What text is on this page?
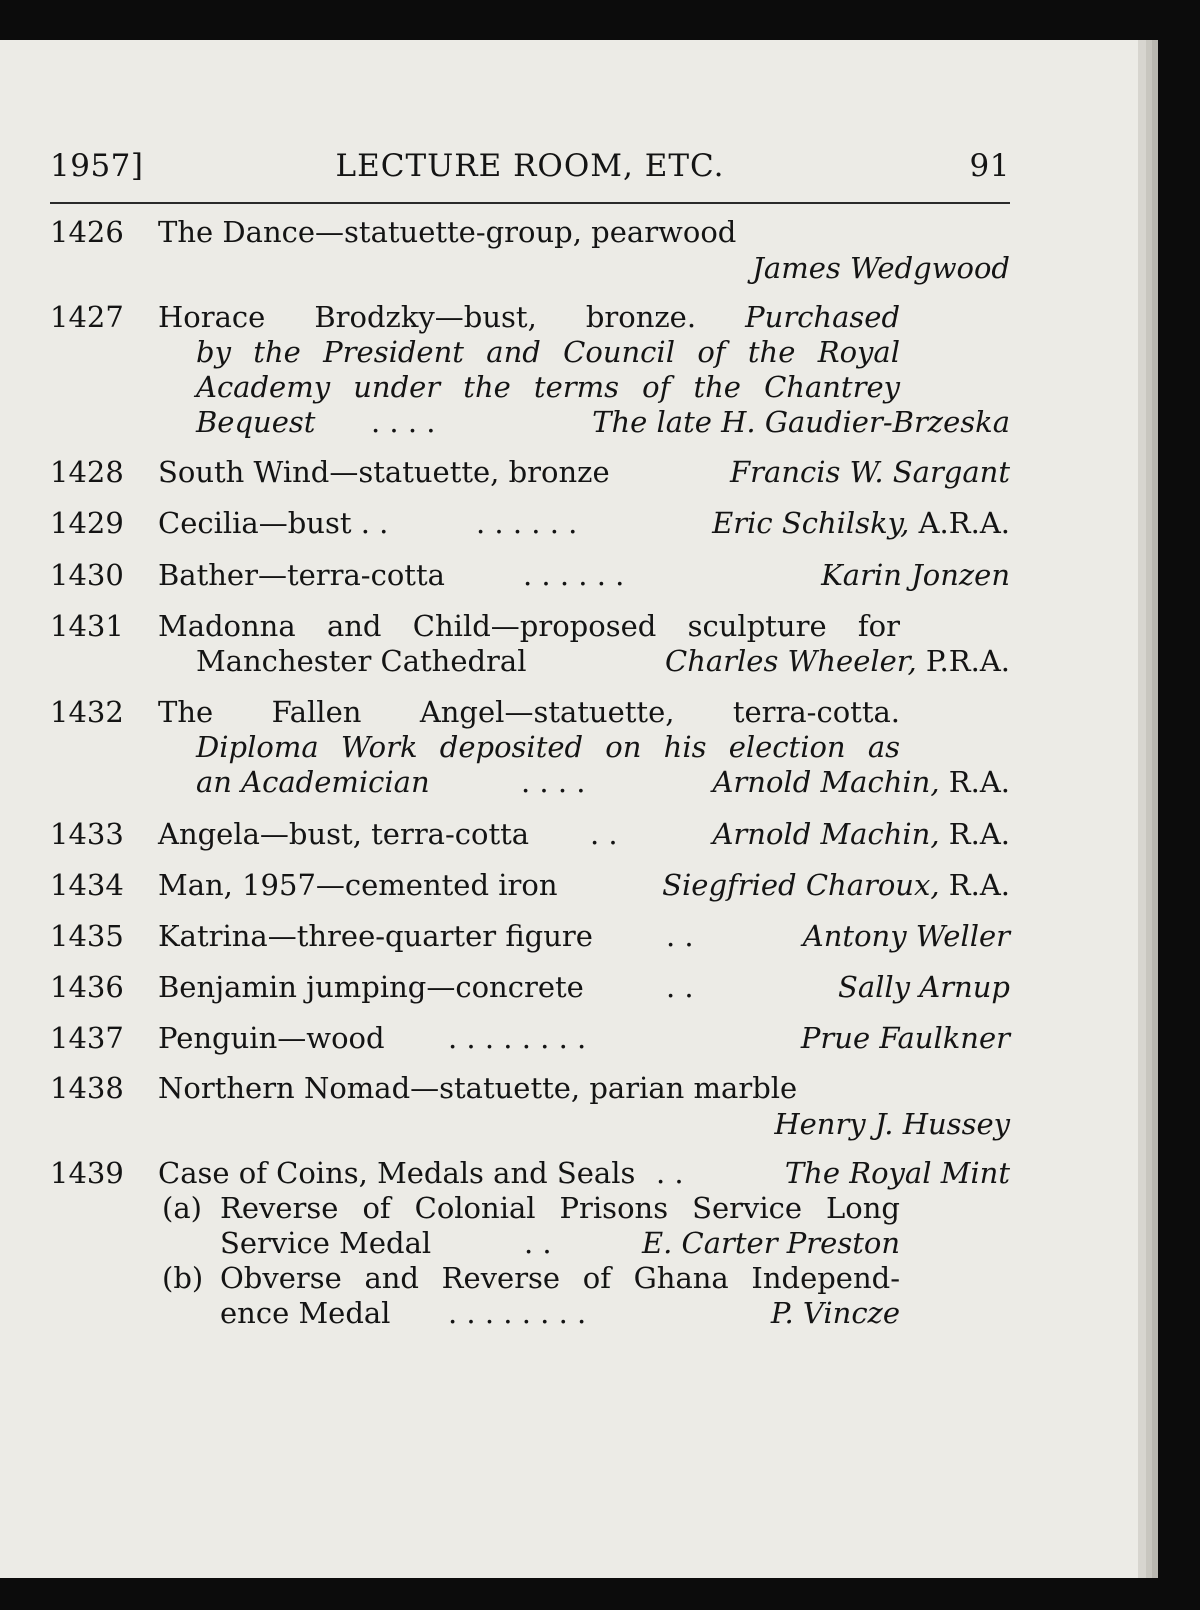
1957]	LECTURE ROOM, ETC.	91
1426 The Dance—statuette-group, pearwood
James Wedgwood
1427 Horace Brodzky—bust, bronze. Purchased
by the President and Council of the Royal
Academy under the terms of the Chantrey
Bequest . . . .	The late H. Gaudier-Brzeska
1428 South Wind—statuette, bronze	Francis W. Sargant
1429 Cecilia—bust . .	. . . . . .	Eric Schilsky, A.R.A.
1430 Bather—terra-cotta	. . . . . .	Karin Jonzen
1431 Madonna and Child—proposed sculpture for
Manchester Cathedral	Charles Wheeler, P.R.A.
1432 The Fallen Angel—statuette, terra-cotta.
Diploma Work deposited on his election as
an Academician	. . . .	Arnold Machin, R.A.
1433 Angela—bust, terra-cotta . .	Arnold Machin, R.A.
1434 Man, 1957—cemented iron	Siegfried Charoux, R.A.
1435 Katrina—three-quarter figure	. .	Antony Weller
1436 Benjamin jumping—concrete	. .	Sally Arnup
1437 Penguin—wood . . . . . . . .	Prue Faulkner
1438 Northern Nomad—statuette, parian marble
Henry J. Hussey
1439 Case of Coins, Medals and Seals . .	The Royal Mint
(a) Reverse of Colonial Prisons Service Long
Service Medal	. .	E. Carter Preston
(b) Obverse and Reverse of Ghana Independ-
ence Medal . . . . . . . .	P. Vincze
